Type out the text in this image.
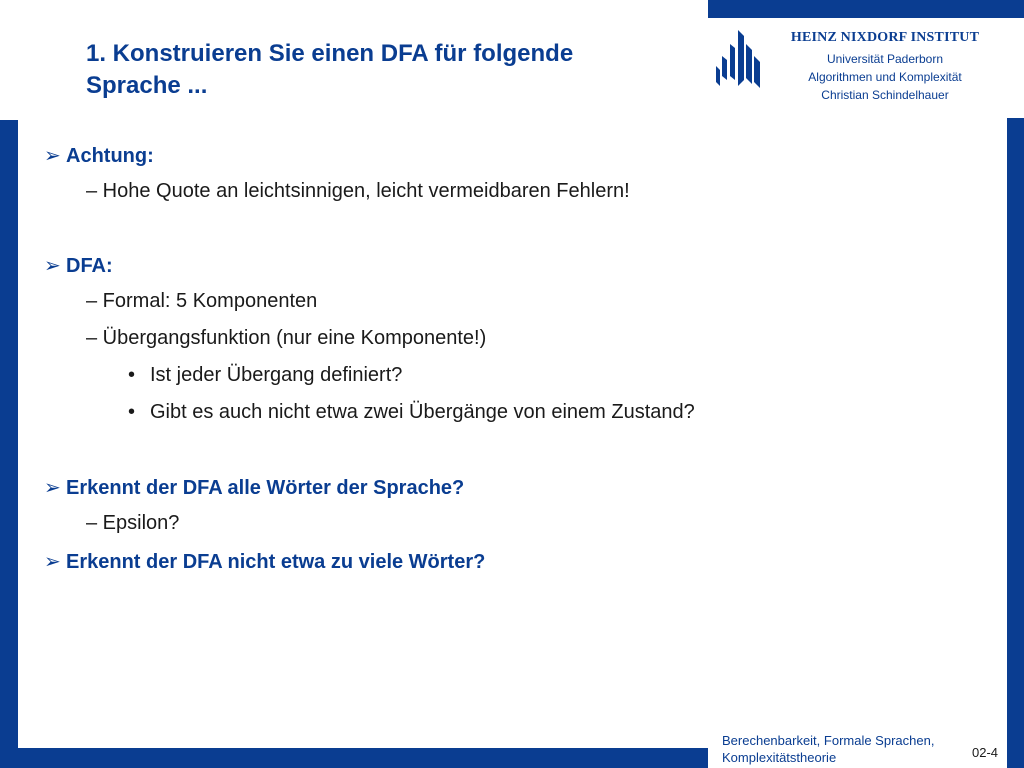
HEINZ NIXDORF INSTITUT
Universität Paderborn
Algorithmen und Komplexität
Christian Schindelhauer
1. Konstruieren Sie einen DFA für folgende
Sprache ...
➢ Achtung:
– Hohe Quote an leichtsinnigen, leicht vermeidbaren Fehlern!
➢ DFA:
– Formal: 5 Komponenten
– Übergangsfunktion (nur eine Komponente!)
• Ist jeder Übergang definiert?
• Gibt es auch nicht etwa zwei Übergänge von einem Zustand?
➢ Erkennt der DFA alle Wörter der Sprache?
– Epsilon?
➢ Erkennt der DFA nicht etwa zu viele Wörter?
Berechenbarkeit, Formale Sprachen,
Komplexitätstheorie	02-4
